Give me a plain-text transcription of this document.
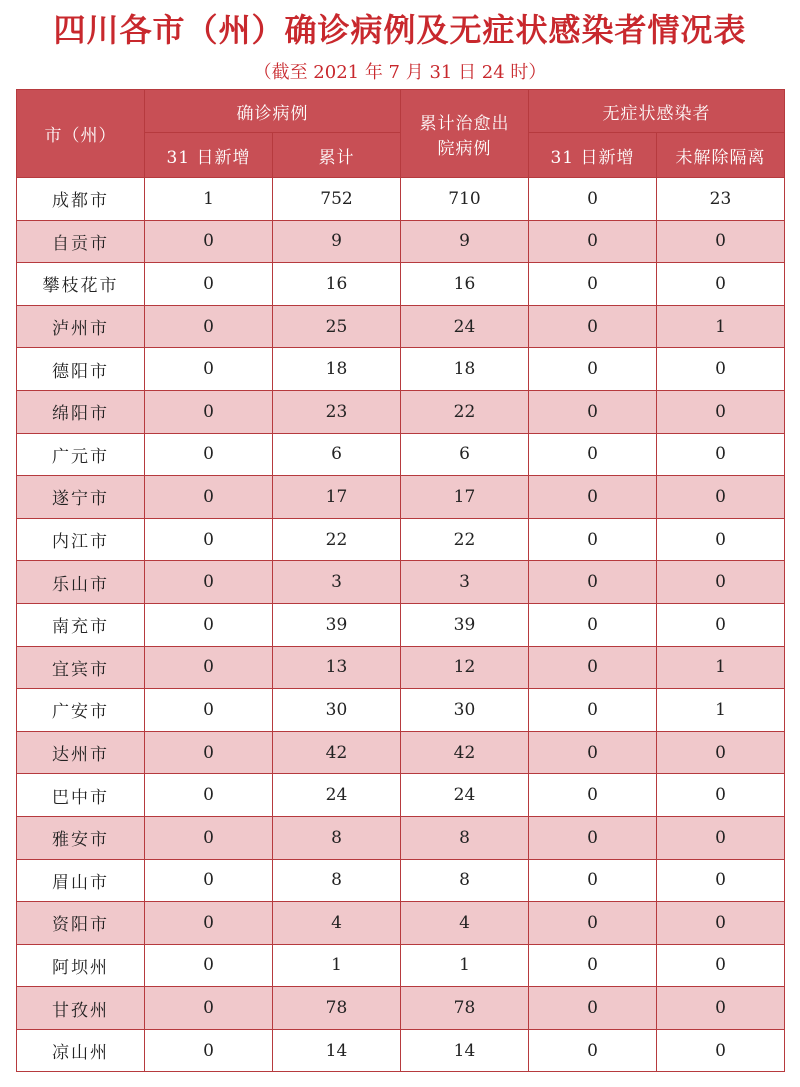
四川各市（州）确诊病例及无症状感染者情况表
（截至 2021 年 7 月 31 日 24 时）
市（州）	确诊病例		累计治愈出院病例	无症状感染者	
	31 日新增	累计		31 日新增	未解除隔离
成都市	1	752	710	0	23
自贡市	0	9	9	0	0
攀枝花市	0	16	16	0	0
泸州市	0	25	24	0	1
德阳市	0	18	18	0	0
绵阳市	0	23	22	0	0
广元市	0	6	6	0	0
遂宁市	0	17	17	0	0
内江市	0	22	22	0	0
乐山市	0	3	3	0	0
南充市	0	39	39	0	0
宜宾市	0	13	12	0	1
广安市	0	30	30	0	1
达州市	0	42	42	0	0
巴中市	0	24	24	0	0
雅安市	0	8	8	0	0
眉山市	0	8	8	0	0
资阳市	0	4	4	0	0
阿坝州	0	1	1	0	0
甘孜州	0	78	78	0	0
凉山州	0	14	14	0	0
